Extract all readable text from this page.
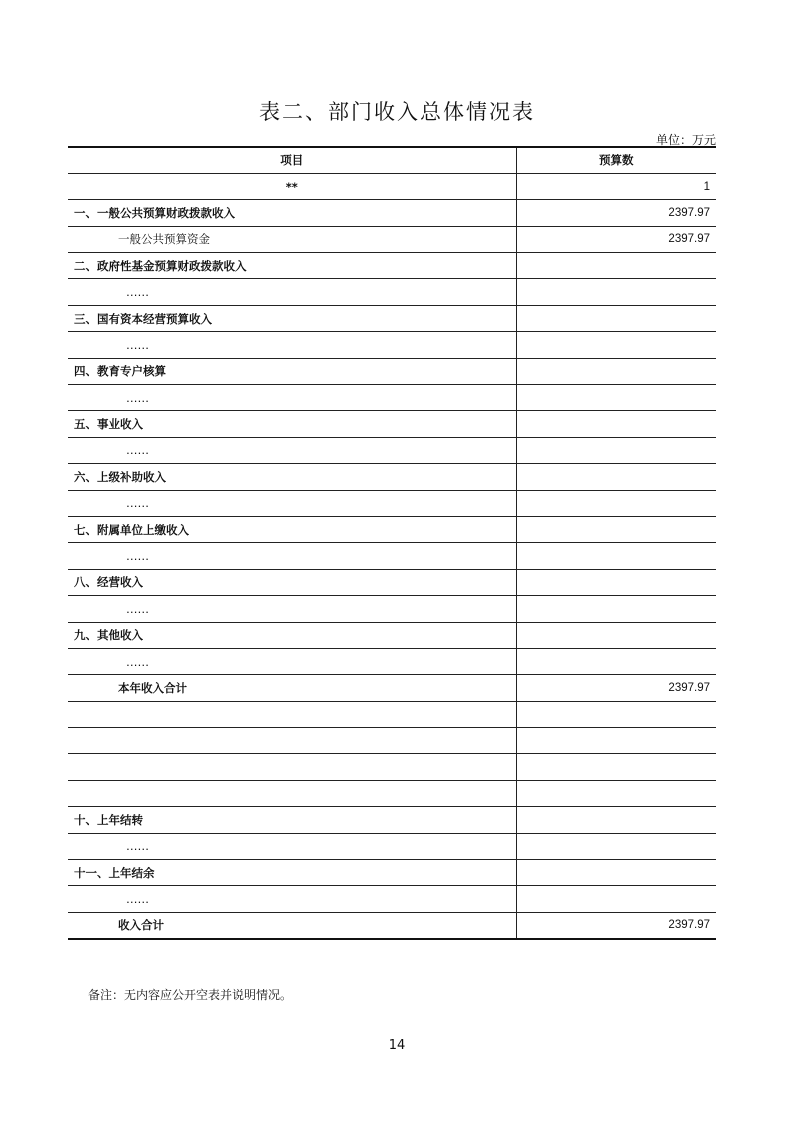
表二、部门收入总体情况表
单位：万元
项目	预算数
**	1
一、一般公共预算财政拨款收入	2397.97
一般公共预算资金	2397.97
二、政府性基金预算财政拨款收入	
……	
三、国有资本经营预算收入	
……	
四、教育专户核算	
……	
五、事业收入	
……	
六、上级补助收入	
……	
七、附属单位上缴收入	
……	
八、经营收入	
……	
九、其他收入	
……	
本年收入合计	2397.97

十、上年结转	
……	
十一、上年结余	
……	
收入合计	2397.97
备注：无内容应公开空表并说明情况。
14
